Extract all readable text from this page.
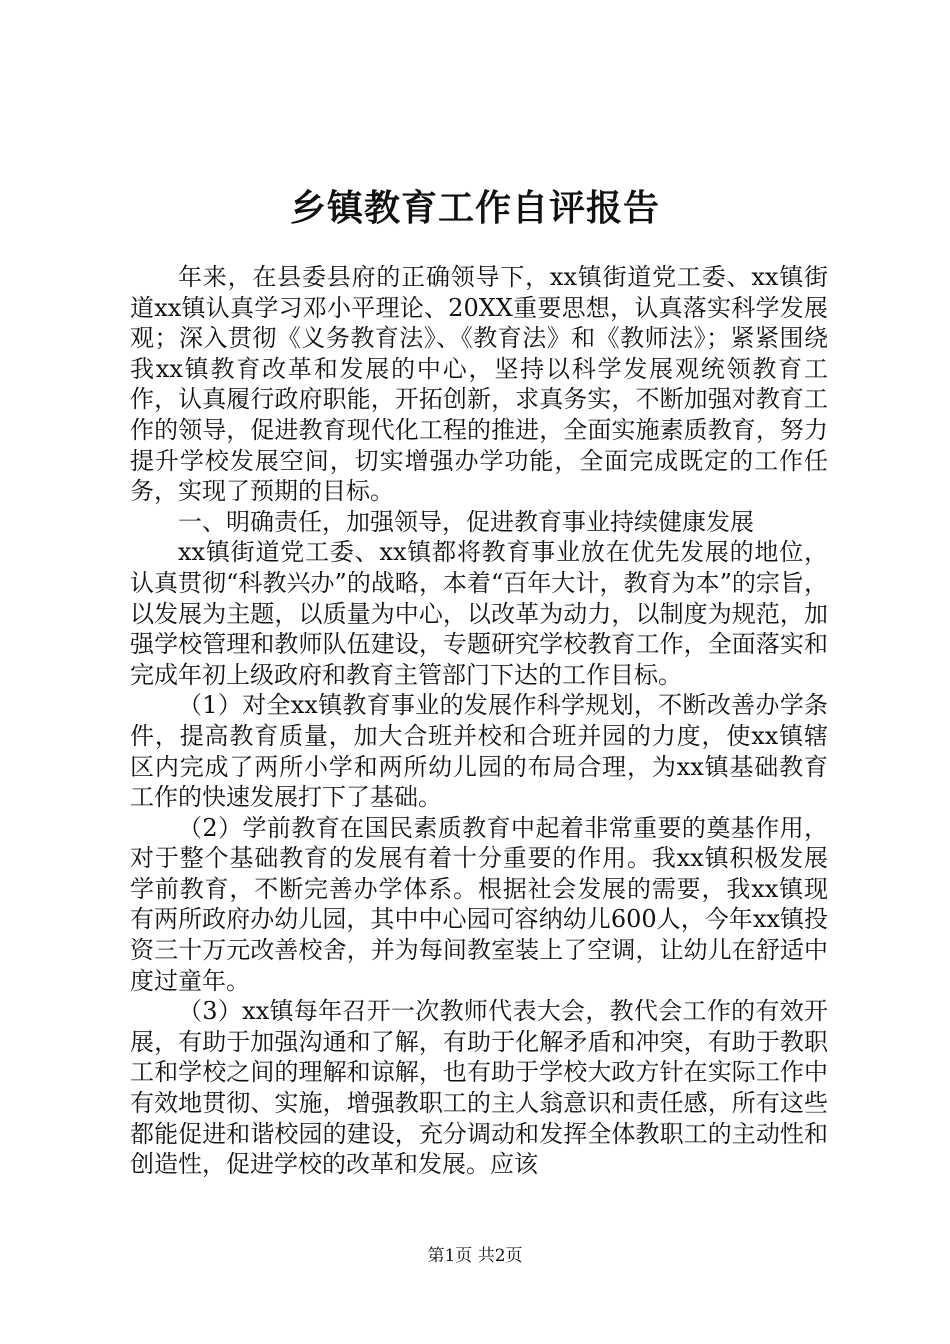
乡镇教育工作自评报告

年来，在县委县府的正确领导下，xx镇街道党工委、xx镇街道xx镇认真学习邓小平理论、20XX重要思想，认真落实科学发展观；深入贯彻《义务教育法》、《教育法》和《教师法》；紧紧围绕我xx镇教育改革和发展的中心，坚持以科学发展观统领教育工作，认真履行政府职能，开拓创新，求真务实，不断加强对教育工作的领导，促进教育现代化工程的推进，全面实施素质教育，努力提升学校发展空间，切实增强办学功能，全面完成既定的工作任务，实现了预期的目标。

一、明确责任，加强领导，促进教育事业持续健康发展

xx镇街道党工委、xx镇都将教育事业放在优先发展的地位，认真贯彻“科教兴办”的战略，本着“百年大计，教育为本”的宗旨，以发展为主题，以质量为中心，以改革为动力，以制度为规范，加强学校管理和教师队伍建设，专题研究学校教育工作，全面落实和完成年初上级政府和教育主管部门下达的工作目标。

（1）对全xx镇教育事业的发展作科学规划，不断改善办学条件，提高教育质量，加大合班并校和合班并园的力度，使xx镇辖区内完成了两所小学和两所幼儿园的布局合理，为xx镇基础教育工作的快速发展打下了基础。

（2）学前教育在国民素质教育中起着非常重要的奠基作用，对于整个基础教育的发展有着十分重要的作用。我xx镇积极发展学前教育，不断完善办学体系。根据社会发展的需要，我xx镇现有两所政府办幼儿园，其中中心园可容纳幼儿600人，今年xx镇投资三十万元改善校舍，并为每间教室装上了空调，让幼儿在舒适中度过童年。

（3）xx镇每年召开一次教师代表大会，教代会工作的有效开展，有助于加强沟通和了解，有助于化解矛盾和冲突，有助于教职工和学校之间的理解和谅解，也有助于学校大政方针在实际工作中有效地贯彻、实施，增强教职工的主人翁意识和责任感，所有这些都能促进和谐校园的建设，充分调动和发挥全体教职工的主动性和创造性，促进学校的改革和发展。应该

第1页 共2页
